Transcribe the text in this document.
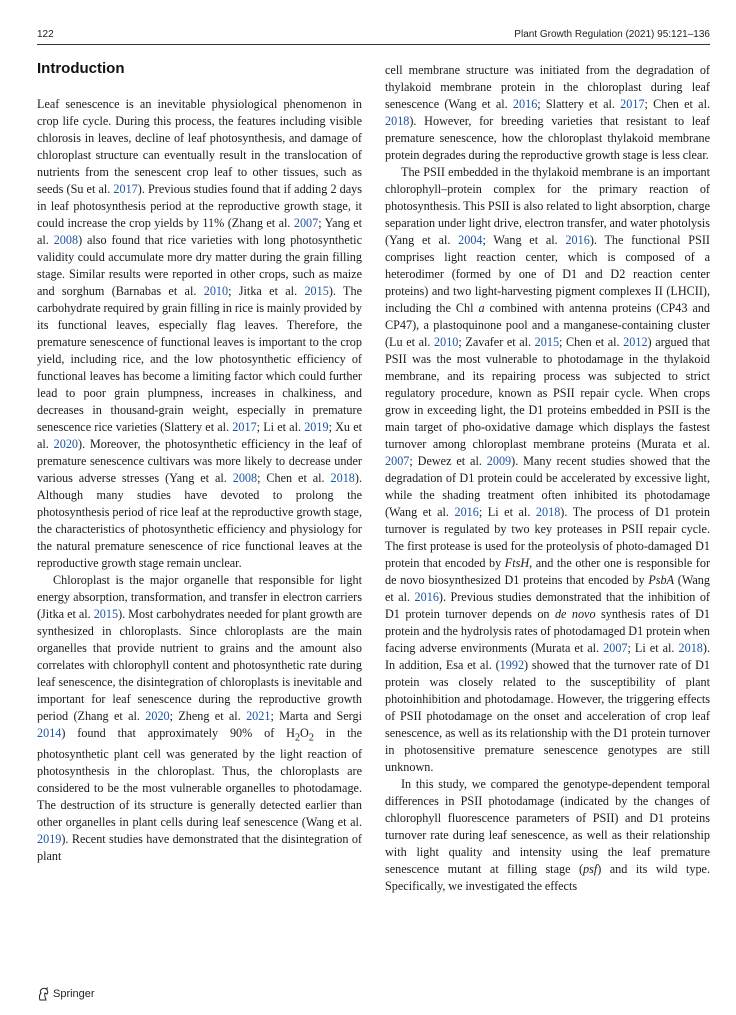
122	Plant Growth Regulation (2021) 95:121–136
Introduction

Leaf senescence is an inevitable physiological phenomenon in crop life cycle. During this process, the features including visible chlorosis in leaves, decline of leaf photosynthesis, and damage of chloroplast structure can eventually result in the translocation of nutrients from the senescent crop leaf to other tissues, such as seeds (Su et al. 2017). Previous studies found that if adding 2 days in leaf photosynthesis period at the reproductive growth stage, it could increase the crop yields by 11% (Zhang et al. 2007; Yang et al. 2008) also found that rice varieties with long photosynthetic validity could accumulate more dry matter during the grain filling stage. Similar results were reported in other crops, such as maize and sorghum (Barnabas et al. 2010; Jitka et al. 2015). The carbohydrate required by grain filling in rice is mainly provided by its functional leaves, especially flag leaves. Therefore, the premature senescence of functional leaves is important to the crop yield, including rice, and the low photosynthetic efficiency of functional leaves has become a limiting factor which could further lead to poor grain plumpness, increases in chalkiness, and decreases in thousand-grain weight, especially in premature senescence rice varieties (Slattery et al. 2017; Li et al. 2019; Xu et al. 2020). Moreover, the photosynthetic efficiency in the leaf of premature senescence cultivars was more likely to decrease under various adverse stresses (Yang et al. 2008; Chen et al. 2018). Although many studies have devoted to prolong the photosynthesis period of rice leaf at the reproductive growth stage, the characteristics of photosynthetic efficiency and physiology for the natural premature senescence of rice functional leaves at the reproductive growth stage remain unclear.

Chloroplast is the major organelle that responsible for light energy absorption, transformation, and transfer in electron carriers (Jitka et al. 2015). Most carbohydrates needed for plant growth are synthesized in chloroplasts. Since chloroplasts are the main organelles that provide nutrient to grains and the amount also correlates with chlorophyll content and photosynthetic rate during leaf senescence, the disintegration of chloroplasts is inevitable and important for leaf senescence during the reproductive growth period (Zhang et al. 2020; Zheng et al. 2021; Marta and Sergi 2014) found that approximately 90% of $H_2O_2$ in the photosynthetic plant cell was generated by the light reaction of photosynthesis in the chloroplast. Thus, the chloroplasts are considered to be the most vulnerable organelles to photodamage. The destruction of its structure is generally detected earlier than other organelles in plant cells during leaf senescence (Wang et al. 2019). Recent studies have demonstrated that the disintegration of plant

cell membrane structure was initiated from the degradation of thylakoid membrane protein in the chloroplast during leaf senescence (Wang et al. 2016; Slattery et al. 2017; Chen et al. 2018). However, for breeding varieties that resistant to leaf premature senescence, how the chloroplast thylakoid membrane protein degrades during the reproductive growth stage is less clear.

The PSII embedded in the thylakoid membrane is an important chlorophyll–protein complex for the primary reaction of photosynthesis. This PSII is also related to light absorption, charge separation under light drive, electron transfer, and water photolysis (Yang et al. 2004; Wang et al. 2016). The functional PSII comprises light reaction center, which is composed of a heterodimer (formed by one of D1 and D2 reaction center proteins) and two light-harvesting pigment complexes II (LHCII), including the Chl a combined with antenna proteins (CP43 and CP47), a plastoquinone pool and a manganese-containing cluster (Lu et al. 2010; Zavafer et al. 2015; Chen et al. 2012) argued that PSII was the most vulnerable to photodamage in the thylakoid membrane, and its repairing process was subjected to strict regulatory procedure, known as PSII repair cycle. When crops grow in exceeding light, the D1 proteins embedded in PSII is the main target of pho-oxidative damage which displays the fastest turnover among chloroplast membrane proteins (Murata et al. 2007; Dewez et al. 2009). Many recent studies showed that the degradation of D1 protein could be accelerated by excessive light, while the shading treatment often inhibited its photodamage (Wang et al. 2016; Li et al. 2018). The process of D1 protein turnover is regulated by two key proteases in PSII repair cycle. The first protease is used for the proteolysis of photo-damaged D1 protein that encoded by FtsH, and the other one is responsible for de novo biosynthesized D1 proteins that encoded by PsbA (Wang et al. 2016). Previous studies demonstrated that the inhibition of D1 protein turnover depends on de novo synthesis rates of D1 protein and the hydrolysis rates of photodamaged D1 protein when facing adverse environments (Murata et al. 2007; Li et al. 2018). In addition, Esa et al. (1992) showed that the turnover rate of D1 protein was closely related to the susceptibility of plant photoinhibition and photodamage. However, the triggering effects of PSII photodamage on the onset and acceleration of crop leaf senescence, as well as its relationship with the D1 protein turnover in photosensitive premature senescence genotypes are still unknown.

In this study, we compared the genotype-dependent temporal differences in PSII photodamage (indicated by the changes of chlorophyll fluorescence parameters of PSII) and D1 proteins turnover rate during leaf senescence, as well as their relationship with light quality and intensity using the leaf premature senescence mutant at filling stage (psf) and its wild type. Specifically, we investigated the effects

Springer
